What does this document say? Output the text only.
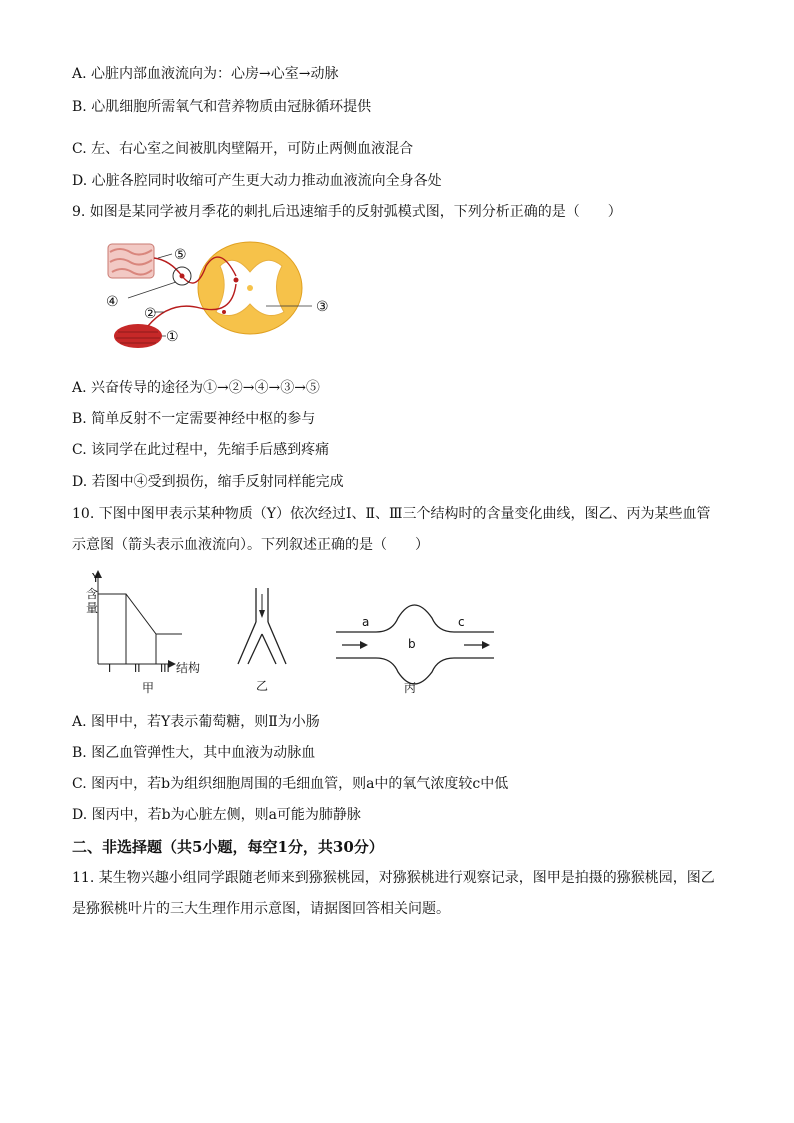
A. 心脏内部血液流向为：心房→心室→动脉
B. 心肌细胞所需氧气和营养物质由冠脉循环提供
C. 左、右心室之间被肌肉壁隔开，可防止两侧血液混合
D. 心脏各腔同时收缩可产生更大动力推动血液流向全身各处
9. 如图是某同学被月季花的刺扎后迅速缩手的反射弧模式图，下列分析正确的是（　　）
⑤
④
②
①
③
A. 兴奋传导的途径为①→②→④→③→⑤
B. 简单反射不一定需要神经中枢的参与
C. 该同学在此过程中，先缩手后感到疼痛
D. 若图中④受到损伤，缩手反射同样能完成
10. 下图中图甲表示某种物质（Y）依次经过Ⅰ、Ⅱ、Ⅲ三个结构时的含量变化曲线，图乙、丙为某些血管
示意图（箭头表示血液流向）。下列叙述正确的是（　　）
Y
含
量
I II III 结构
甲	乙
a
b
c
丙
A. 图甲中，若Y表示葡萄糖，则Ⅱ为小肠
B. 图乙血管弹性大，其中血液为动脉血
C. 图丙中，若b为组织细胞周围的毛细血管，则a中的氧气浓度较c中低
D. 图丙中，若b为心脏左侧，则a可能为肺静脉
二、非选择题（共5小题，每空1分，共30分）
11. 某生物兴趣小组同学跟随老师来到猕猴桃园，对猕猴桃进行观察记录，图甲是拍摄的猕猴桃园，图乙
是猕猴桃叶片的三大生理作用示意图，请据图回答相关问题。
